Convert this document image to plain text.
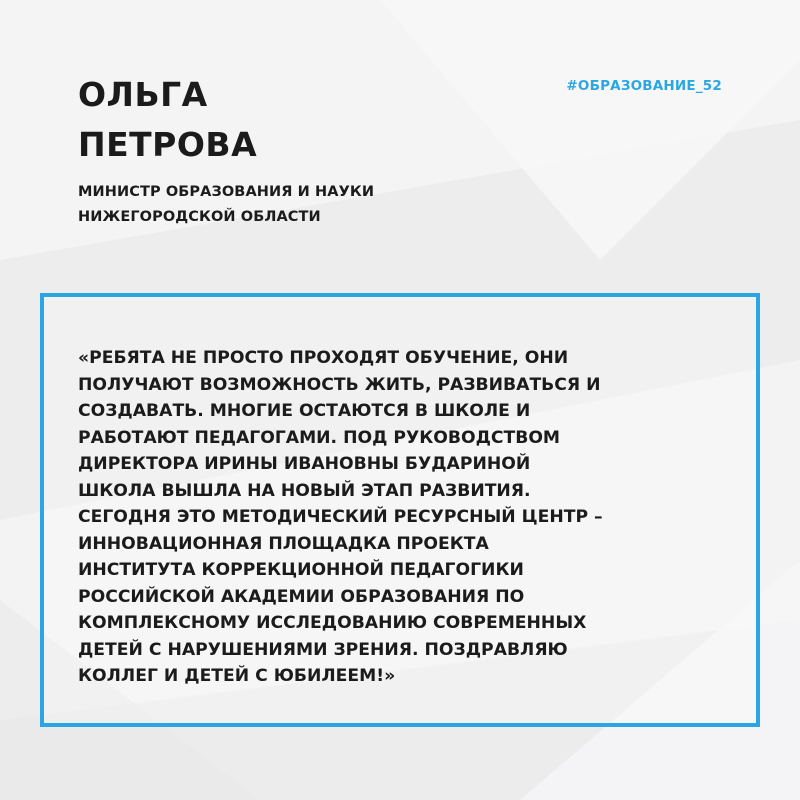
ОЛЬГА
ПЕТРОВА
#ОБРАЗОВАНИЕ_52
МИНИСТР ОБРАЗОВАНИЯ И НАУКИ
НИЖЕГОРОДСКОЙ ОБЛАСТИ

«РЕБЯТА НЕ ПРОСТО ПРОХОДЯТ ОБУЧЕНИЕ, ОНИ
ПОЛУЧАЮТ ВОЗМОЖНОСТЬ ЖИТЬ, РАЗВИВАТЬСЯ И
СОЗДАВАТЬ. МНОГИЕ ОСТАЮТСЯ В ШКОЛЕ И
РАБОТАЮТ ПЕДАГОГАМИ. ПОД РУКОВОДСТВОМ
ДИРЕКТОРА ИРИНЫ ИВАНОВНЫ БУДАРИНОЙ
ШКОЛА ВЫШЛА НА НОВЫЙ ЭТАП РАЗВИТИЯ.
СЕГОДНЯ ЭТО МЕТОДИЧЕСКИЙ РЕСУРСНЫЙ ЦЕНТР –
ИННОВАЦИОННАЯ ПЛОЩАДКА ПРОЕКТА
ИНСТИТУТА КОРРЕКЦИОННОЙ ПЕДАГОГИКИ
РОССИЙСКОЙ АКАДЕМИИ ОБРАЗОВАНИЯ ПО
КОМПЛЕКСНОМУ ИССЛЕДОВАНИЮ СОВРЕМЕННЫХ
ДЕТЕЙ С НАРУШЕНИЯМИ ЗРЕНИЯ. ПОЗДРАВЛЯЮ
КОЛЛЕГ И ДЕТЕЙ С ЮБИЛЕЕМ!»
